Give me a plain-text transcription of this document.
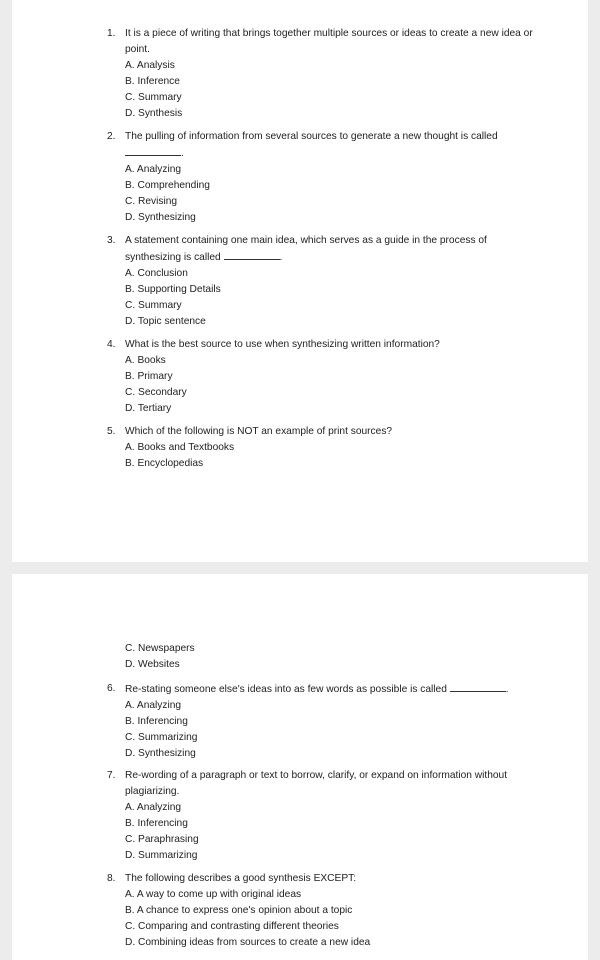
1. It is a piece of writing that brings together multiple sources or ideas to create a new idea or point.
A. Analysis
B. Inference
C. Summary
D. Synthesis
2. The pulling of information from several sources to generate a new thought is called
.
A. Analyzing
B. Comprehending
C. Revising
D. Synthesizing
3. A statement containing one main idea, which serves as a guide in the process of synthesizing is called	.
A. Conclusion
B. Supporting Details
C. Summary
D. Topic sentence
4. What is the best source to use when synthesizing written information?
A. Books
B. Primary
C. Secondary
D. Tertiary
5. Which of the following is NOT an example of print sources?
A. Books and Textbooks
B. Encyclopedias
C. Newspapers
D. Websites
6. Re-stating someone else's ideas into as few words as possible is called	.
A. Analyzing
B. Inferencing
C. Summarizing
D. Synthesizing
7. Re-wording of a paragraph or text to borrow, clarify, or expand on information without plagiarizing.
A. Analyzing
B. Inferencing
C. Paraphrasing
D. Summarizing
8. The following describes a good synthesis EXCEPT:
A. A way to come up with original ideas
B. A chance to express one's opinion about a topic
C. Comparing and contrasting different theories
D. Combining ideas from sources to create a new idea
